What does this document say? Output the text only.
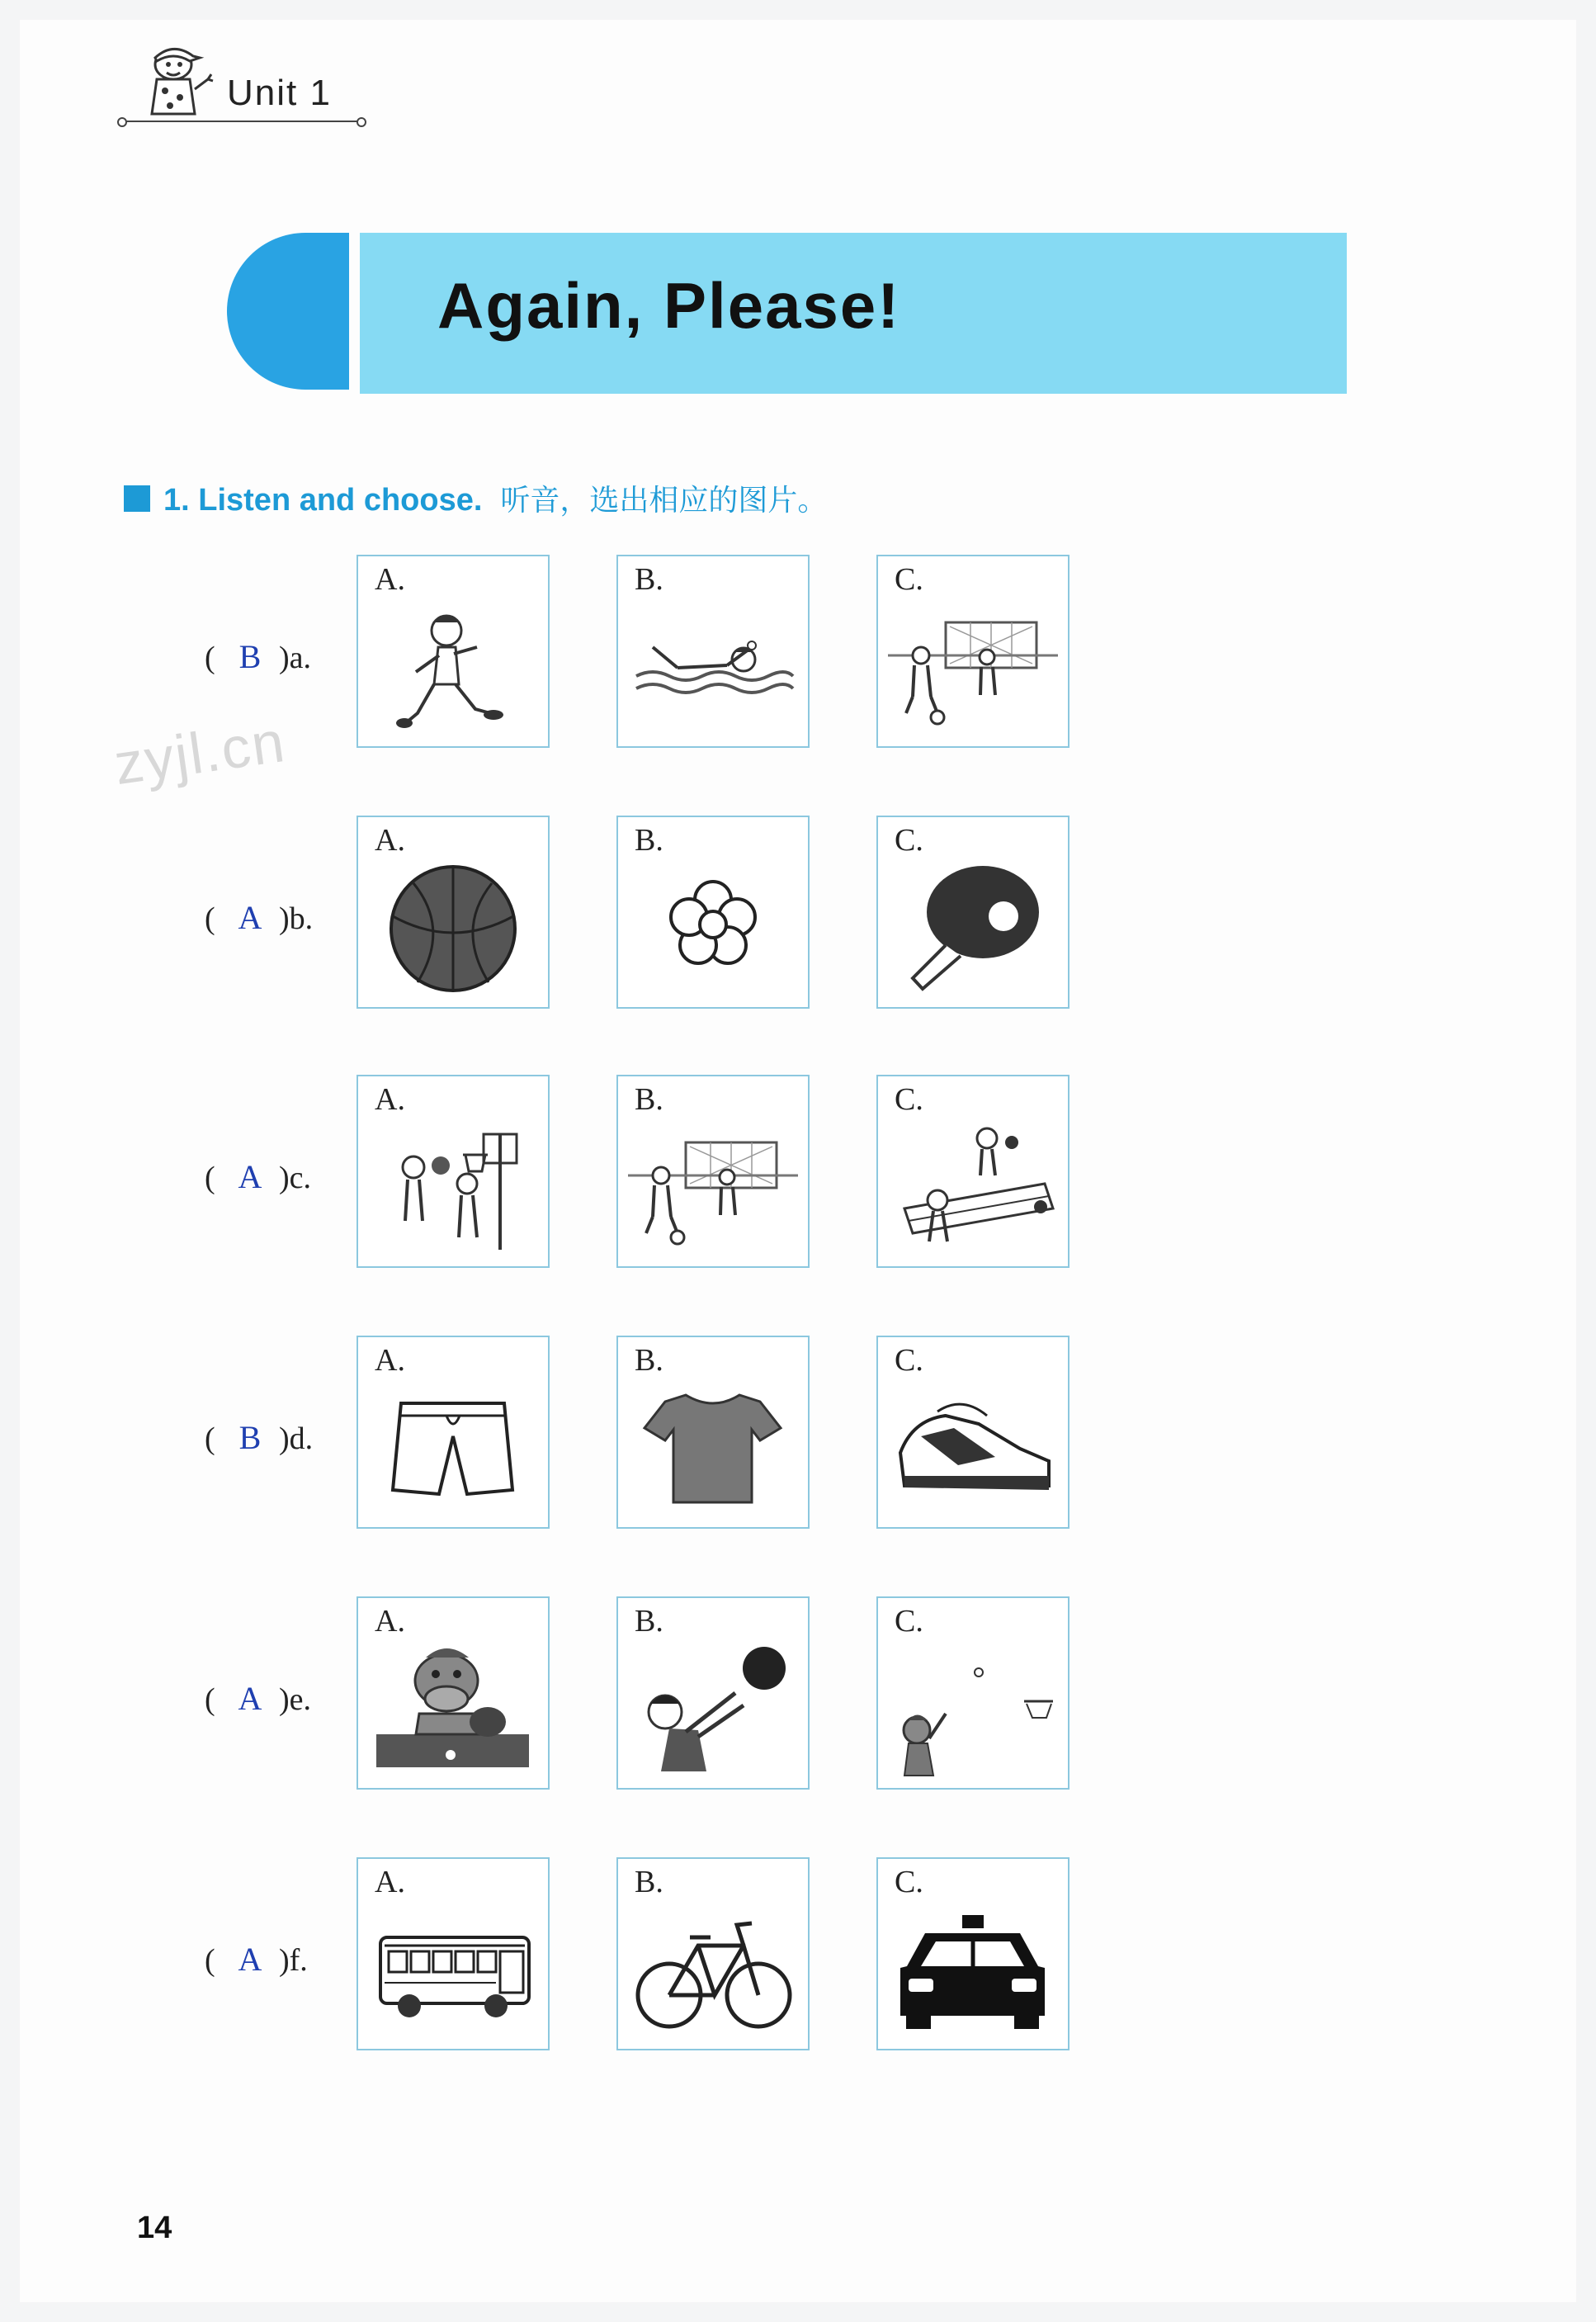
Unit 1
Again, Please!
1. Listen and choose. 听音，选出相应的图片。
zyjl.cn
( B ) a.
A.	B.	C.
( A ) b.
A.	B.	C.
( A ) c.
A.	B.	C.
( B ) d.
A.	B.	C.
( A ) e.
A.	B.	C.
( A ) f.
A.	B.	C.
14
